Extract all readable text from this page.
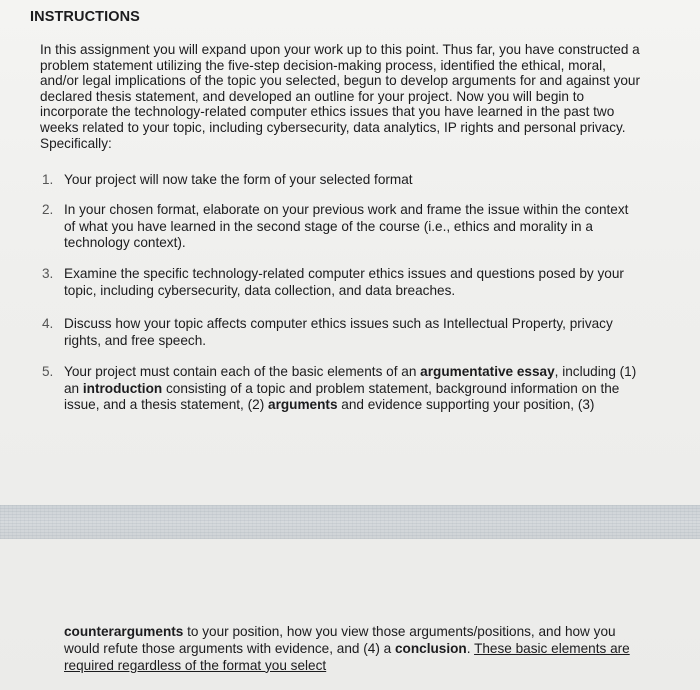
INSTRUCTIONS

In this assignment you will expand upon your work up to this point. Thus far, you have constructed a problem statement utilizing the five-step decision-making process, identified the ethical, moral, and/or legal implications of the topic you selected, begun to develop arguments for and against your declared thesis statement, and developed an outline for your project. Now you will begin to incorporate the technology-related computer ethics issues that you have learned in the past two weeks related to your topic, including cybersecurity, data analytics, IP rights and personal privacy. Specifically:

1. Your project will now take the form of your selected format
2. In your chosen format, elaborate on your previous work and frame the issue within the context of what you have learned in the second stage of the course (i.e., ethics and morality in a technology context).
3. Examine the specific technology-related computer ethics issues and questions posed by your topic, including cybersecurity, data collection, and data breaches.
4. Discuss how your topic affects computer ethics issues such as Intellectual Property, privacy rights, and free speech.
5. Your project must contain each of the basic elements of an argumentative essay, including (1) an introduction consisting of a topic and problem statement, background information on the issue, and a thesis statement, (2) arguments and evidence supporting your position, (3)

counterarguments to your position, how you view those arguments/positions, and how you would refute those arguments with evidence, and (4) a conclusion. These basic elements are required regardless of the format you select
